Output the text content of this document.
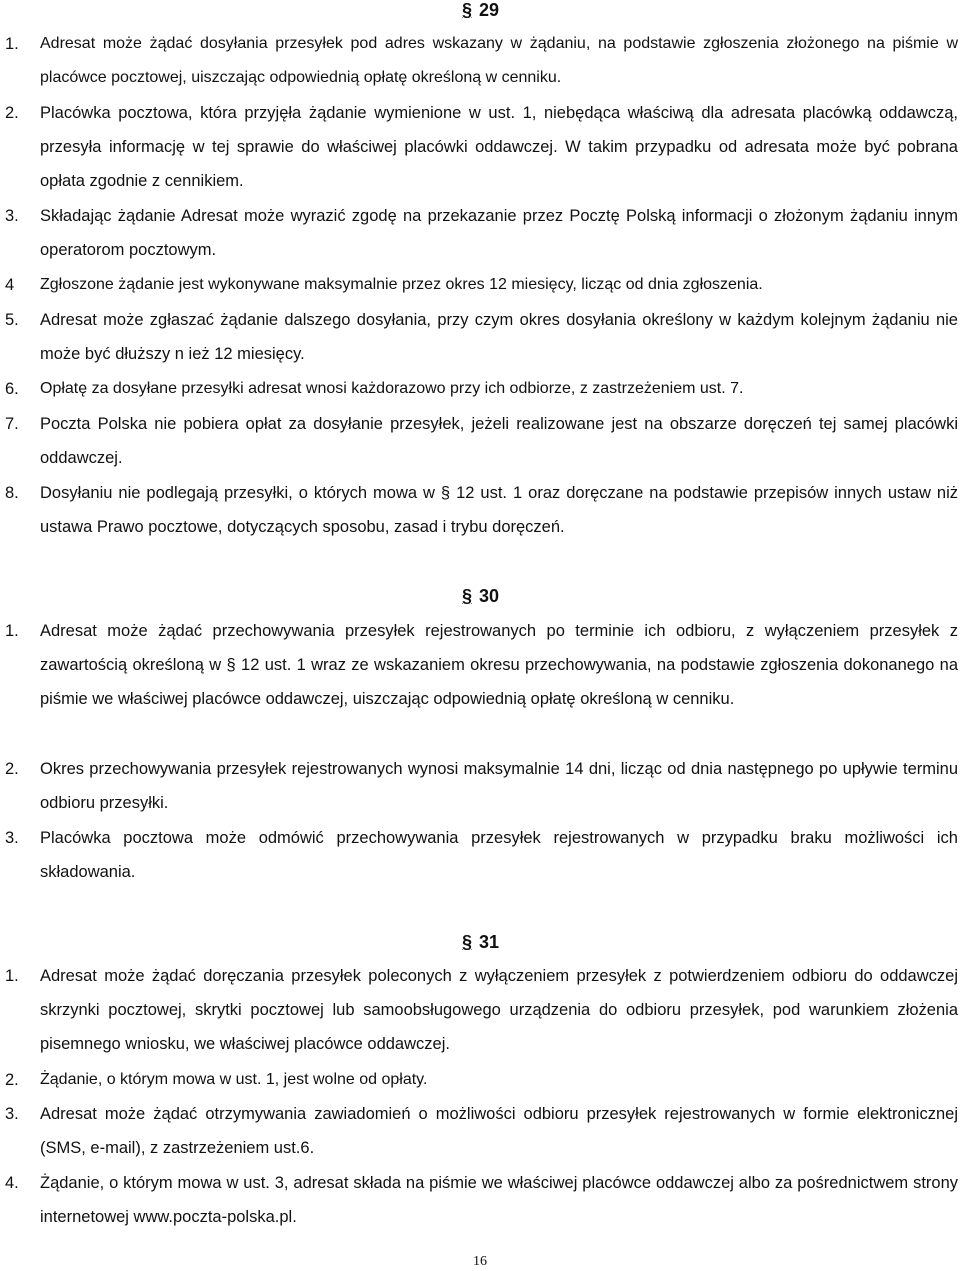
§ 29
1. Adresat może żądać dosyłania przesyłek pod adres wskazany w żądaniu, na podstawie zgłoszenia złożonego na piśmie w placówce pocztowej, uiszczając odpowiednią opłatę określoną w cenniku.
2. Placówka pocztowa, która przyjęła żądanie wymienione w ust. 1, niebędąca właściwą dla adresata placówką oddawczą, przesyła informację w tej sprawie do właściwej placówki oddawczej. W takim przypadku od adresata może być pobrana opłata zgodnie z cennikiem.
3. Składając żądanie Adresat może wyrazić zgodę na przekazanie przez Pocztę Polską informacji o złożonym żądaniu innym operatorom pocztowym.
4 Zgłoszone żądanie jest wykonywane maksymalnie przez okres 12 miesięcy, licząc od dnia zgłoszenia.
5. Adresat może zgłaszać żądanie dalszego dosyłania, przy czym okres dosyłania określony w każdym kolejnym żądaniu nie może być dłuższy n ież 12 miesięcy.
6. Opłatę za dosyłane przesyłki adresat wnosi każdorazowo przy ich odbiorze, z zastrzeżeniem ust. 7.
7. Poczta Polska nie pobiera opłat za dosyłanie przesyłek, jeżeli realizowane jest na obszarze doręczeń tej samej placówki oddawczej.
8. Dosyłaniu nie podlegają przesyłki, o których mowa w § 12 ust. 1 oraz doręczane na podstawie przepisów innych ustaw niż ustawa Prawo pocztowe, dotyczących sposobu, zasad i trybu doręczeń.
§ 30
1. Adresat może żądać przechowywania przesyłek rejestrowanych po terminie ich odbioru, z wyłączeniem przesyłek z zawartością określoną w § 12 ust. 1 wraz ze wskazaniem okresu przechowywania, na podstawie zgłoszenia dokonanego na piśmie we właściwej placówce oddawczej, uiszczając odpowiednią opłatę określoną w cenniku.
2. Okres przechowywania przesyłek rejestrowanych wynosi maksymalnie 14 dni, licząc od dnia następnego po upływie terminu odbioru przesyłki.
3. Placówka pocztowa może odmówić przechowywania przesyłek rejestrowanych w przypadku braku możliwości ich składowania.
§ 31
1. Adresat może żądać doręczania przesyłek poleconych z wyłączeniem przesyłek z potwierdzeniem odbioru do oddawczej skrzynki pocztowej, skrytki pocztowej lub samoobsługowego urządzenia do odbioru przesyłek, pod warunkiem złożenia pisemnego wniosku, we właściwej placówce oddawczej.
2. Żądanie, o którym mowa w ust. 1, jest wolne od opłaty.
3. Adresat może żądać otrzymywania zawiadomień o możliwości odbioru przesyłek rejestrowanych w formie elektronicznej (SMS, e-mail), z zastrzeżeniem ust.6.
4. Żądanie, o którym mowa w ust. 3, adresat składa na piśmie we właściwej placówce oddawczej albo za pośrednictwem strony internetowej www.poczta-polska.pl.
16
